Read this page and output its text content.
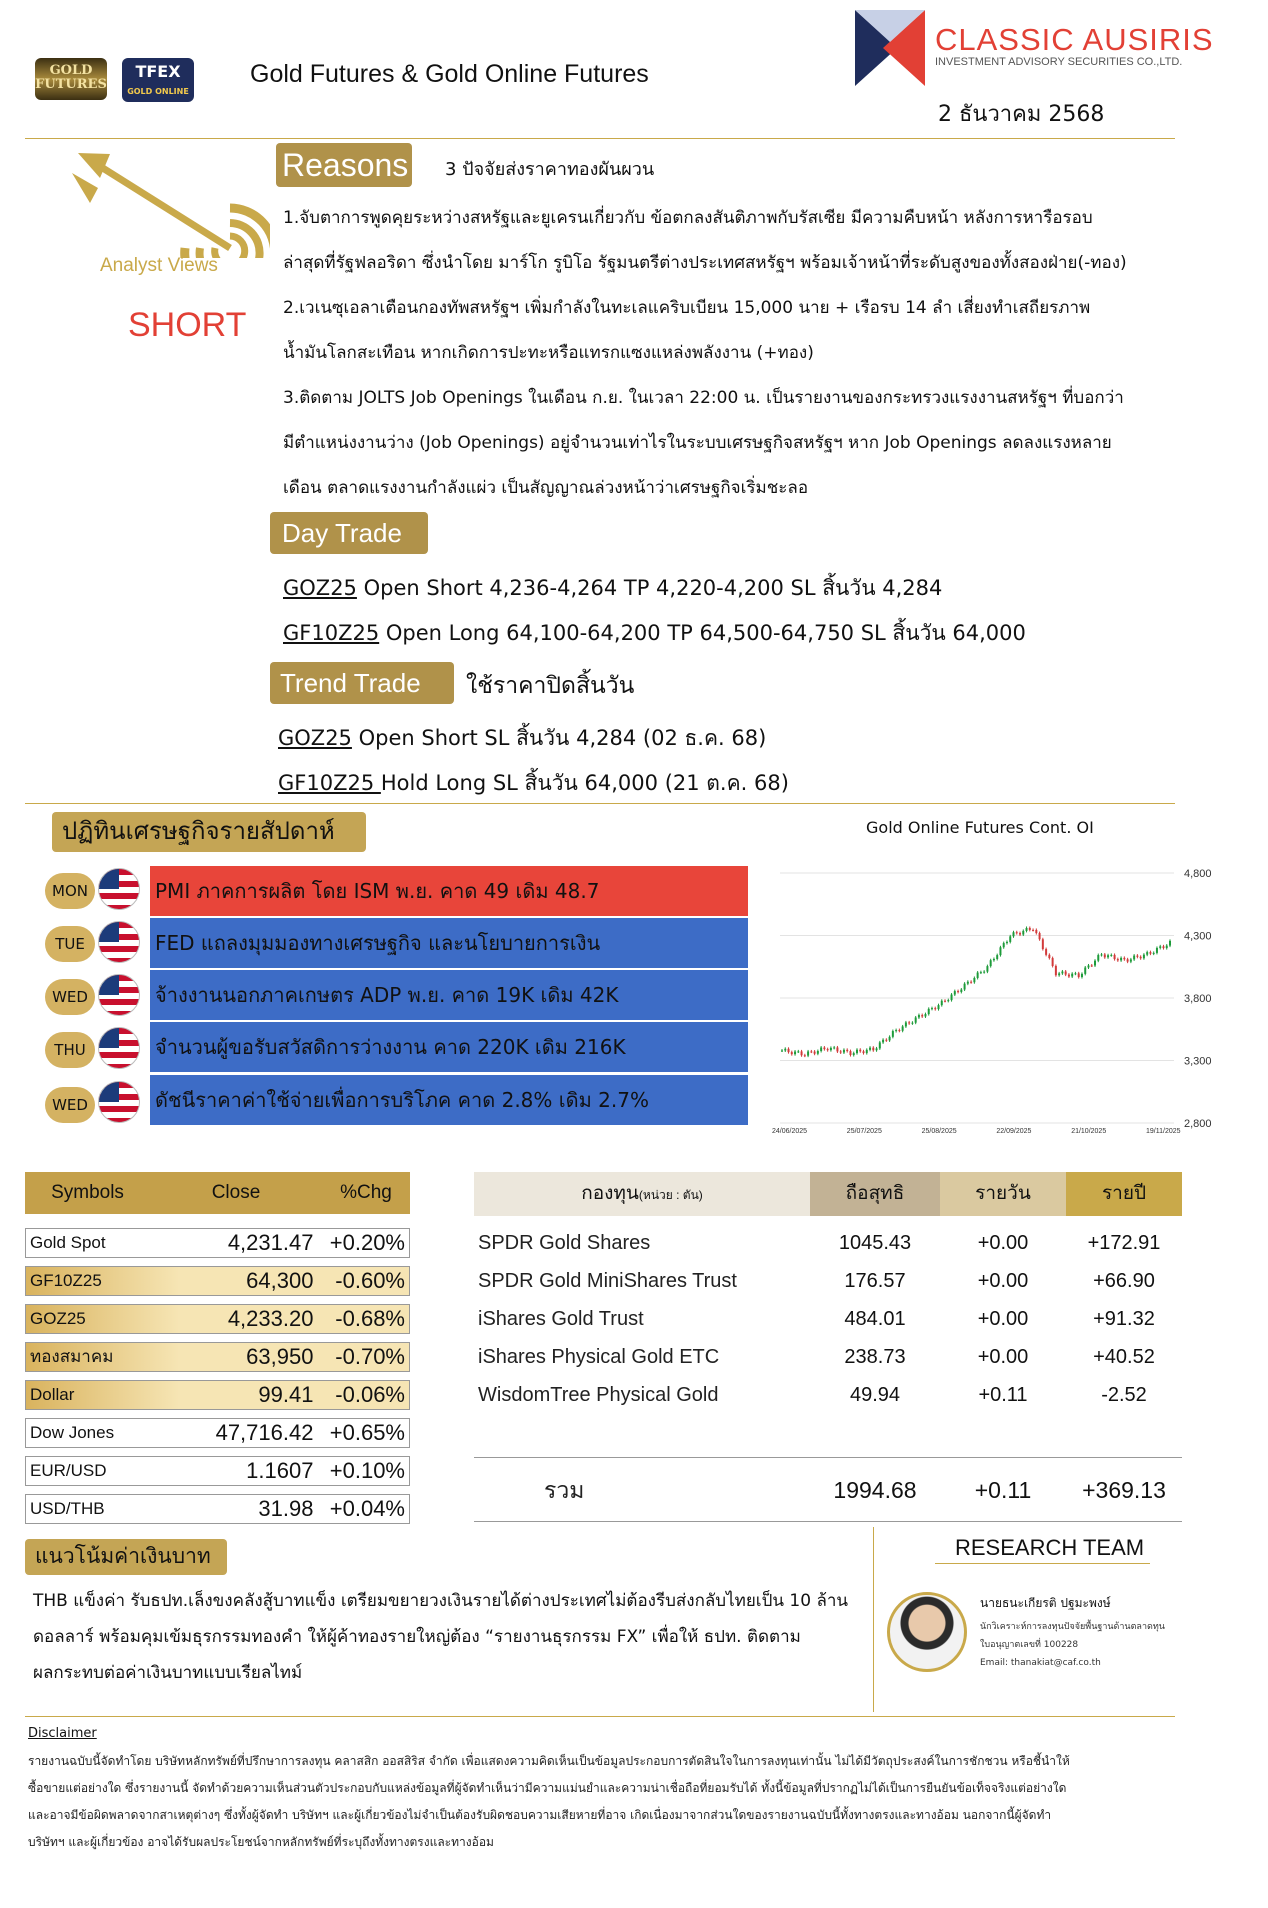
GOLD
FUTURES
TFEX
GOLD ONLINE
Gold Futures & Gold Online Futures
CLASSIC AUSIRIS
INVESTMENT ADVISORY SECURITIES CO.,LTD.
2 ธันวาคม 2568
Analyst Views
SHORT
Reasons 3 ปัจจัยส่งราคาทองผันผวน
1.จับตาการพูดคุยระหว่างสหรัฐและยูเครนเกี่ยวกับ ข้อตกลงสันติภาพกับรัสเซีย มีความคืบหน้า หลังการหารือรอบ
ล่าสุดที่รัฐฟลอริดา ซึ่งนำโดย มาร์โก รูบิโอ รัฐมนตรีต่างประเทศสหรัฐฯ พร้อมเจ้าหน้าที่ระดับสูงของทั้งสองฝ่าย(-ทอง)
2.เวเนซุเอลาเตือนกองทัพสหรัฐฯ เพิ่มกำลังในทะเลแคริบเบียน 15,000 นาย + เรือรบ 14 ลำ เสี่ยงทำเสถียรภาพ
น้ำมันโลกสะเทือน หากเกิดการปะทะหรือแทรกแซงแหล่งพลังงาน (+ทอง)
3.ติดตาม JOLTS Job Openings ในเดือน ก.ย. ในเวลา 22:00 น. เป็นรายงานของกระทรวงแรงงานสหรัฐฯ ที่บอกว่า
มีตำแหน่งงานว่าง (Job Openings) อยู่จำนวนเท่าไรในระบบเศรษฐกิจสหรัฐฯ หาก Job Openings ลดลงแรงหลาย
เดือน ตลาดแรงงานกำลังแผ่ว เป็นสัญญาณล่วงหน้าว่าเศรษฐกิจเริ่มชะลอ
Day Trade
GOZ25 Open Short 4,236-4,264 TP 4,220-4,200 SL สิ้นวัน 4,284
GF10Z25 Open Long 64,100-64,200 TP 64,500-64,750 SL สิ้นวัน 64,000
Trend Trade	ใช้ราคาปิดสิ้นวัน
GOZ25 Open Short SL สิ้นวัน 4,284 (02 ธ.ค. 68)
GF10Z25 Hold Long SL สิ้นวัน 64,000 (21 ต.ค. 68)
ปฏิทินเศรษฐกิจรายสัปดาห์
MON	PMI ภาคการผลิต โดย ISM พ.ย. คาด 49 เดิม 48.7
TUE	FED แถลงมุมมองทางเศรษฐกิจ และนโยบายการเงิน
WED	จ้างงานนอกภาคเกษตร ADP พ.ย. คาด 19K เดิม 42K
THU	จำนวนผู้ขอรับสวัสดิการว่างงาน คาด 220K เดิม 216K
WED	ดัชนีราคาค่าใช้จ่ายเพื่อการบริโภค คาด 2.8% เดิม 2.7%
Gold Online Futures Cont. OI
4,800
4,300
3,800
3,300
2,800
24/06/2025	25/07/2025	25/08/2025	22/09/2025	21/10/2025	19/11/2025
Symbols	Close	%Chg
Gold Spot	4,231.47 +0.20%
GF10Z25	64,300 -0.60%
GOZ25	4,233.20 -0.68%
ทองสมาคม	63,950 -0.70%
Dollar	99.41 -0.06%
Dow Jones	47,716.42 +0.65%
EUR/USD	1.1607 +0.10%
USD/THB	31.98 +0.04%
กองทุน(หน่วย : ตัน)	ถือสุทธิ	รายวัน	รายปี
SPDR Gold Shares	1045.43	+0.00	+172.91
SPDR Gold MiniShares Trust	176.57	+0.00	+66.90
iShares Gold Trust	484.01	+0.00	+91.32
iShares Physical Gold ETC	238.73	+0.00	+40.52
WisdomTree Physical Gold	49.94	+0.11	-2.52
รวม	1994.68	+0.11	+369.13
แนวโน้มค่าเงินบาท
THB แข็งค่า รับธปท.เล็งขงคลังสู้บาทแข็ง เตรียมขยายวงเงินรายได้ต่างประเทศไม่ต้องรีบส่งกลับไทยเป็น 10 ล้าน
ดอลลาร์ พร้อมคุมเข้มธุรกรรมทองคำ ให้ผู้ค้าทองรายใหญ่ต้อง “รายงานธุรกรรม FX” เพื่อให้ ธปท. ติดตาม
ผลกระทบต่อค่าเงินบาทแบบเรียลไทม์
RESEARCH TEAM
นายธนะเกียรติ ปฐมะพงษ์
นักวิเคราะห์การลงทุนปัจจัยพื้นฐานด้านตลาดทุน
ใบอนุญาตเลขที่ 100228
Email: thanakiat@caf.co.th
Disclaimer
รายงานฉบับนี้จัดทำโดย บริษัทหลักทรัพย์ที่ปรึกษาการลงทุน คลาสสิก ออสสิริส จำกัด เพื่อแสดงความคิดเห็นเป็นข้อมูลประกอบการตัดสินใจในการลงทุนเท่านั้น ไม่ได้มีวัตถุประสงค์ในการชักชวน หรือชี้นำให้
ซื้อขายแต่อย่างใด ซึ่งรายงานนี้ จัดทำด้วยความเห็นส่วนตัวประกอบกับแหล่งข้อมูลที่ผู้จัดทำเห็นว่ามีความแม่นยำและความน่าเชื่อถือที่ยอมรับได้ ทั้งนี้ข้อมูลที่ปรากฏไม่ได้เป็นการยืนยันข้อเท็จจริงแต่อย่างใด
และอาจมีข้อผิดพลาดจากสาเหตุต่างๆ ซึ่งทั้งผู้จัดทำ บริษัทฯ และผู้เกี่ยวข้องไม่จำเป็นต้องรับผิดชอบความเสียหายที่อาจ เกิดเนื่องมาจากส่วนใดของรายงานฉบับนี้ทั้งทางตรงและทางอ้อม นอกจากนี้ผู้จัดทำ
บริษัทฯ และผู้เกี่ยวข้อง อาจได้รับผลประโยชน์จากหลักทรัพย์ที่ระบุถึงทั้งทางตรงและทางอ้อม
